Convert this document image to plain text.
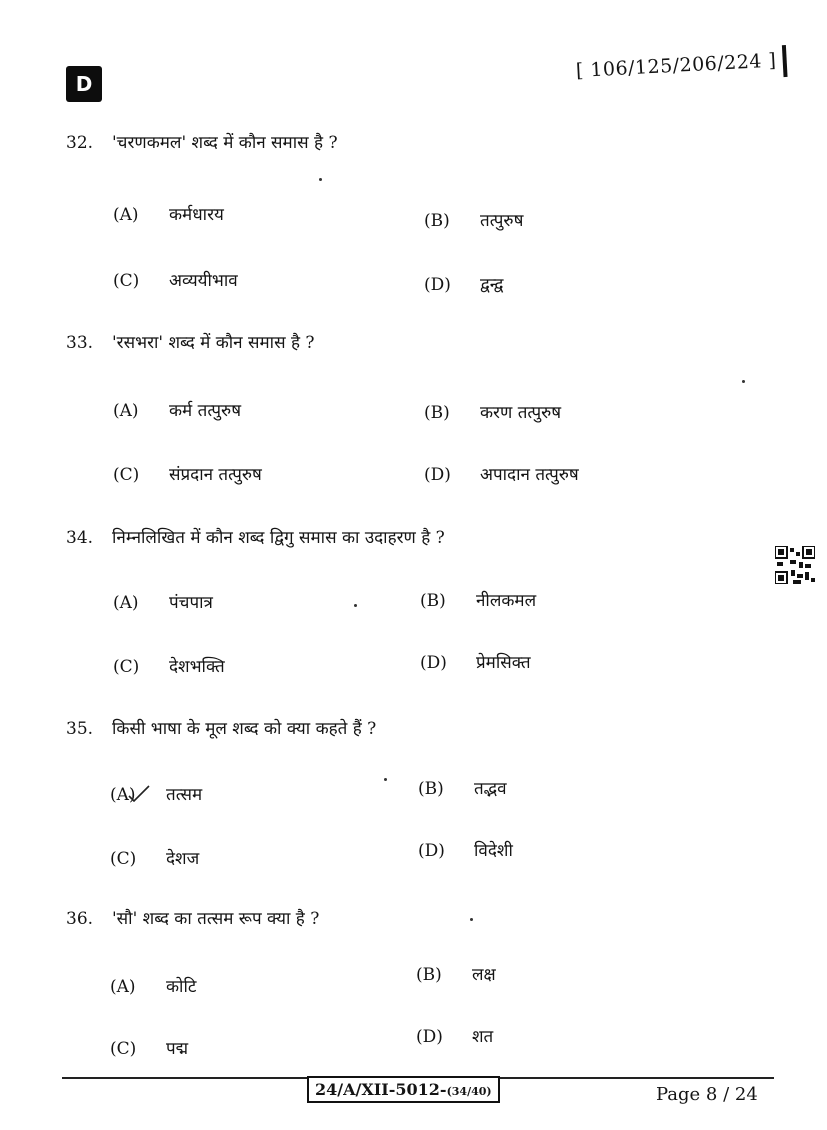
D
[ 106/125/206/224 ]
32. 'चरणकमल' शब्द में कौन समास है ?
(A) कर्मधारय	(B) तत्पुरुष
(C) अव्ययीभाव	(D) द्वन्द्व
33. 'रसभरा' शब्द में कौन समास है ?
(A) कर्म तत्पुरुष	(B) करण तत्पुरुष
(C) संप्रदान तत्पुरुष	(D) अपादान तत्पुरुष
34. निम्नलिखित में कौन शब्द द्विगु समास का उदाहरण है ?
(A) पंचपात्र	(B) नीलकमल
(C) देशभक्ति	(D) प्रेमसिक्त
35. किसी भाषा के मूल शब्द को क्या कहते हैं ?
(A) तत्सम	(B) तद्भव
(C) देशज	(D) विदेशी
36. 'सौ' शब्द का तत्सम रूप क्या है ?
(A) कोटि
(B) लक्ष
(C) पद्म
(D) शत
24/A/XII-5012-(34/40)	Page 8 / 24
